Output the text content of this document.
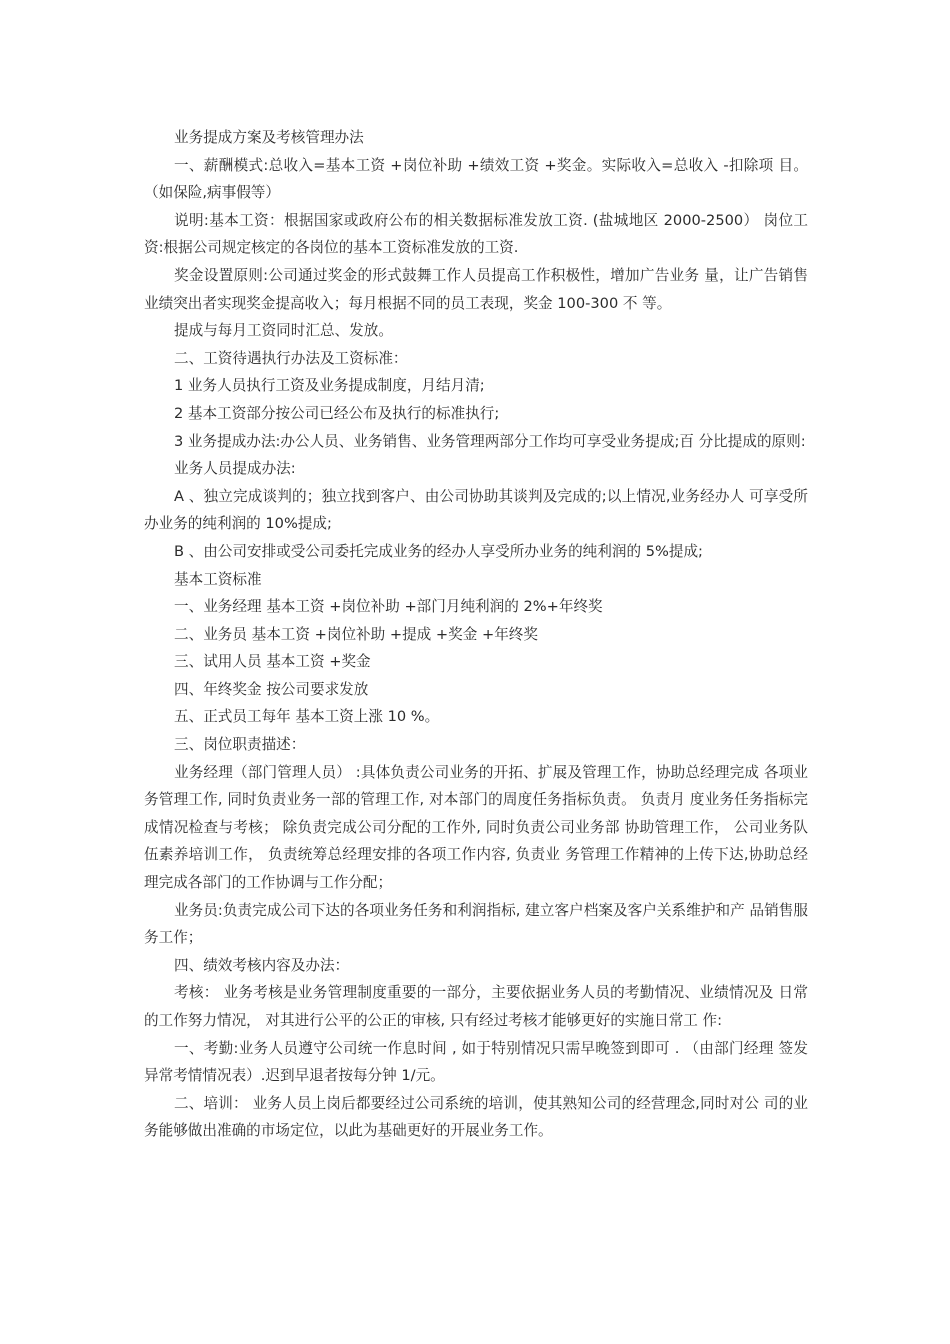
业务提成方案及考核管理办法

一、薪酬模式:总收入=基本工资 +岗位补助 +绩效工资 +奖金。实际收入=总收入 -扣除项 目。（如保险,病事假等）

说明:基本工资：根据国家或政府公布的相关数据标准发放工资. (盐城地区 2000-2500） 岗位工资:根据公司规定核定的各岗位的基本工资标准发放的工资.

奖金设置原则:公司通过奖金的形式鼓舞工作人员提高工作积极性，增加广告业务 量，让广告销售业绩突出者实现奖金提高收入；每月根据不同的员工表现，奖金 100-300 不 等。

提成与每月工资同时汇总、发放。

二、工资待遇执行办法及工资标准：

1 业务人员执行工资及业务提成制度，月结月清;

2 基本工资部分按公司已经公布及执行的标准执行;

3 业务提成办法:办公人员、业务销售、业务管理两部分工作均可享受业务提成;百 分比提成的原则:

业务人员提成办法:

A 、独立完成谈判的；独立找到客户、由公司协助其谈判及完成的;以上情况,业务经办人 可享受所办业务的纯利润的 10%提成;

B 、由公司安排或受公司委托完成业务的经办人享受所办业务的纯利润的 5%提成;

基本工资标准

一、业务经理 基本工资 +岗位补助 +部门月纯利润的 2%+年终奖

二、业务员 基本工资 +岗位补助 +提成 +奖金 +年终奖

三、试用人员 基本工资 +奖金

四、年终奖金 按公司要求发放

五、正式员工每年 基本工资上涨 10 %。

三、岗位职责描述：

业务经理（部门管理人员） :具体负责公司业务的开拓、扩展及管理工作，协助总经理完成 各项业务管理工作, 同时负责业务一部的管理工作, 对本部门的周度任务指标负责。 负责月 度业务任务指标完成情况检查与考核； 除负责完成公司分配的工作外, 同时负责公司业务部 协助管理工作， 公司业务队伍素养培训工作， 负责统筹总经理安排的各项工作内容, 负责业 务管理工作精神的上传下达,协助总经理完成各部门的工作协调与工作分配；

业务员:负责完成公司下达的各项业务任务和利润指标, 建立客户档案及客户关系维护和产 品销售服务工作；

四、绩效考核内容及办法：

考核： 业务考核是业务管理制度重要的一部分，主要依据业务人员的考勤情况、业绩情况及 日常的工作努力情况， 对其进行公平的公正的审核, 只有经过考核才能够更好的实施日常工 作:

一、考勤:业务人员遵守公司统一作息时间 , 如于特别情况只需早晚签到即可 . （由部门经理 签发异常考情情况表）.迟到早退者按每分钟 1/元。

二、培训： 业务人员上岗后都要经过公司系统的培训，使其熟知公司的经营理念,同时对公 司的业务能够做出准确的市场定位，以此为基础更好的开展业务工作。
